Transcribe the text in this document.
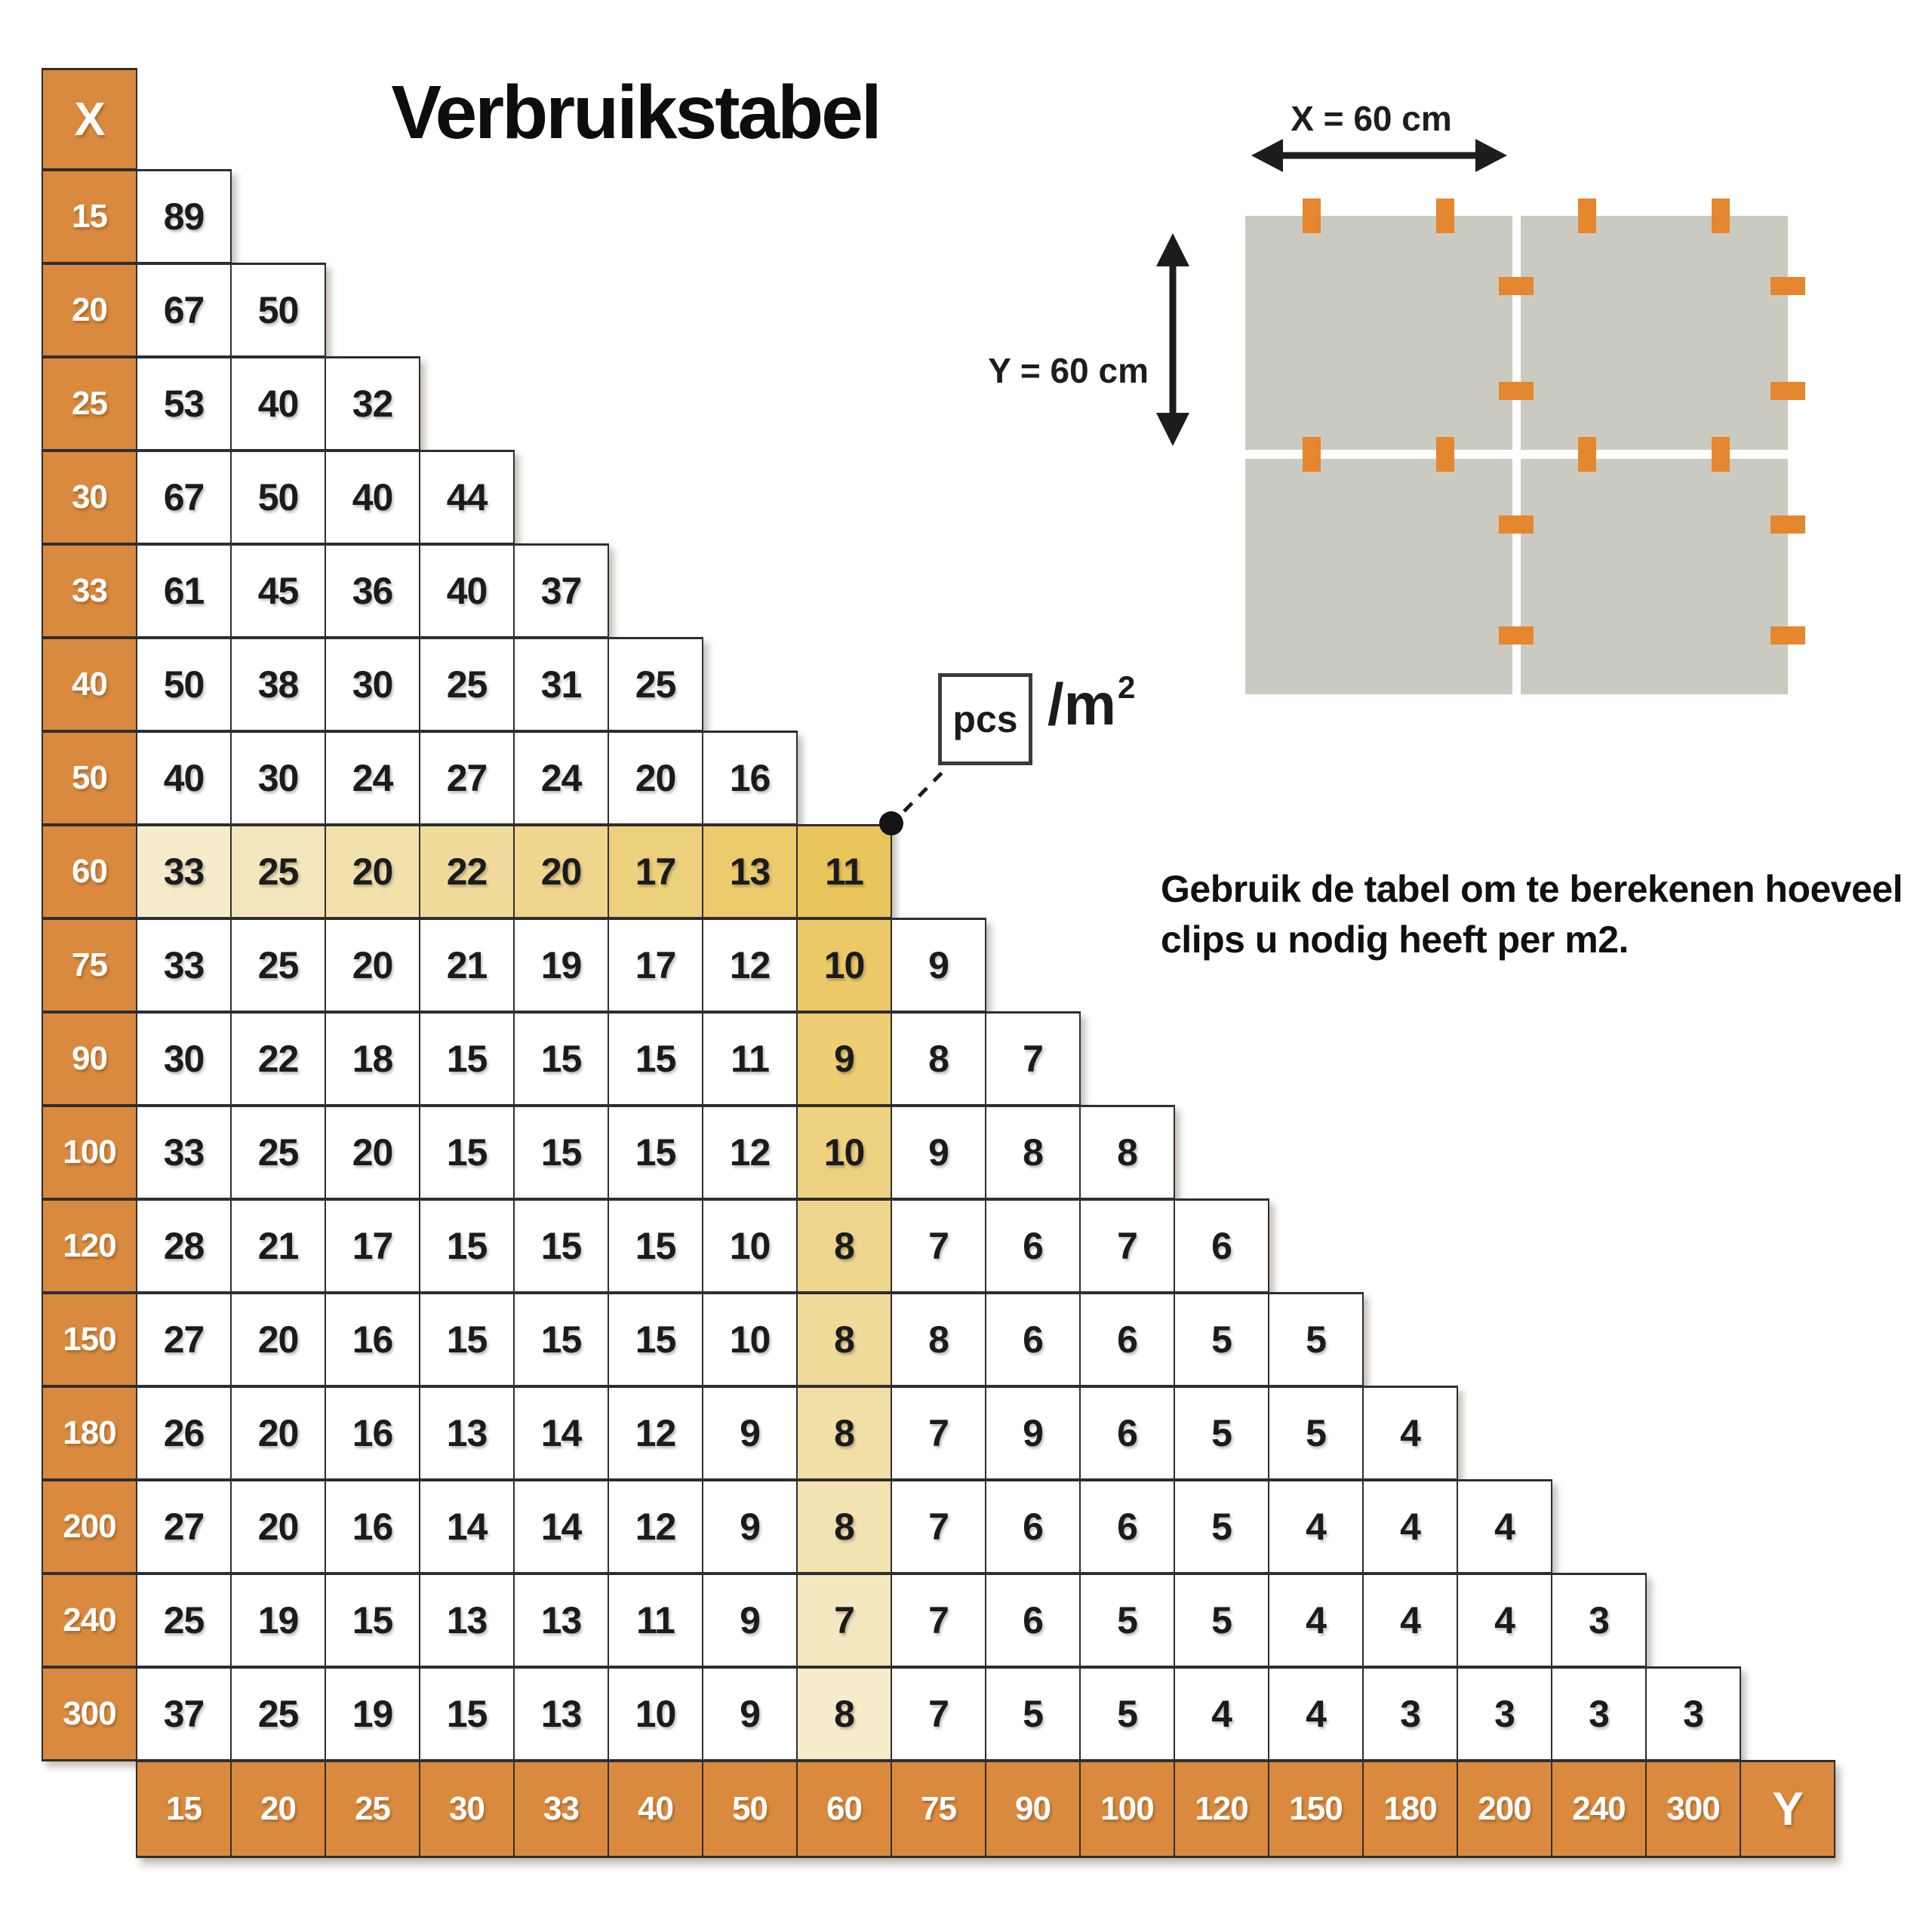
Verbruikstabel
X
15	89
20	67	50
25	53	40	32
30	67	50	40	44
33	61	45	36	40	37
40	50	38	30	25	31	25
50	40	30	24	27	24	20	16
60	33	25	20	22	20	17	13	11
75	33	25	20	21	19	17	12	10	9
90	30	22	18	15	15	15	11	9	8	7
100	33	25	20	15	15	15	12	10	9	8	8
120	28	21	17	15	15	15	10	8	7	6	7	6
150	27	20	16	15	15	15	10	8	8	6	6	5	5
180	26	20	16	13	14	12	9	8	7	9	6	5	5	4
200	27	20	16	14	14	12	9	8	7	6	6	5	4	4	4
240	25	19	15	13	13	11	9	7	7	6	5	5	4	4	4	3
300	37	25	19	15	13	10	9	8	7	5	5	4	4	3	3	3	3
15	20	25	30	33	40	50	60	75	90	100	120	150	180	200	240	300	Y
pcs $/m^2$
X = 60 cm
Y = 60 cm
Gebruik de tabel om te berekenen hoeveel
clips u nodig heeft per m2.
